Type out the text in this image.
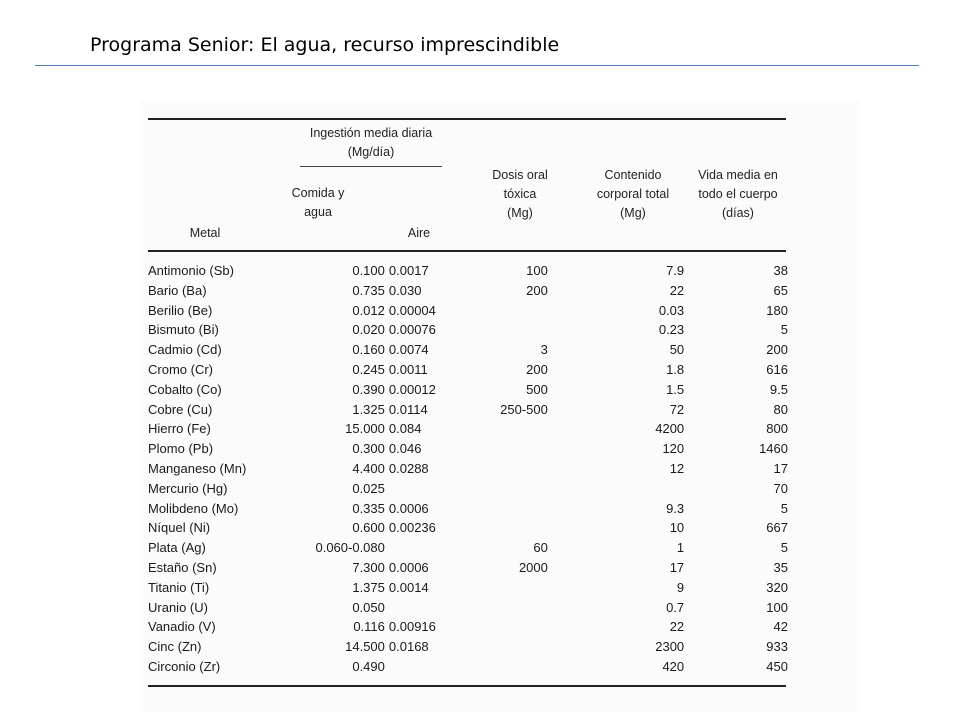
Programa Senior: El agua, recurso imprescindible
Ingestión media diaria (Mg/día)
Comida y agua
Metal	Aire
Dosis oral tóxica (Mg)
Contenido corporal total (Mg)
Vida media en todo el cuerpo (días)
Antimonio (Sb)	0.100	0.0017	100	7.9	38
Bario (Ba)	0.735	0.030	200	22	65
Berilio (Be)	0.012	0.00004		0.03	180
Bismuto (Bi)	0.020	0.00076		0.23	5
Cadmio (Cd)	0.160	0.0074	3	50	200
Cromo (Cr)	0.245	0.0011	200	1.8	616
Cobalto (Co)	0.390	0.00012	500	1.5	9.5
Cobre (Cu)	1.325	0.0114	250-500	72	80
Hierro (Fe)	15.000	0.084		4200	800
Plomo (Pb)	0.300	0.046		120	1460
Manganeso (Mn)	4.400	0.0288		12	17
Mercurio (Hg)	0.025				70
Molibdeno (Mo)	0.335	0.0006		9.3	5
Níquel (Ni)	0.600	0.00236		10	667
Plata (Ag)	0.060-0.080		60	1	5
Estaño (Sn)	7.300	0.0006	2000	17	35
Titanio (Ti)	1.375	0.0014		9	320
Uranio (U)	0.050			0.7	100
Vanadio (V)	0.116	0.00916		22	42
Cinc (Zn)	14.500	0.0168		2300	933
Circonio (Zr)	0.490			420	450
